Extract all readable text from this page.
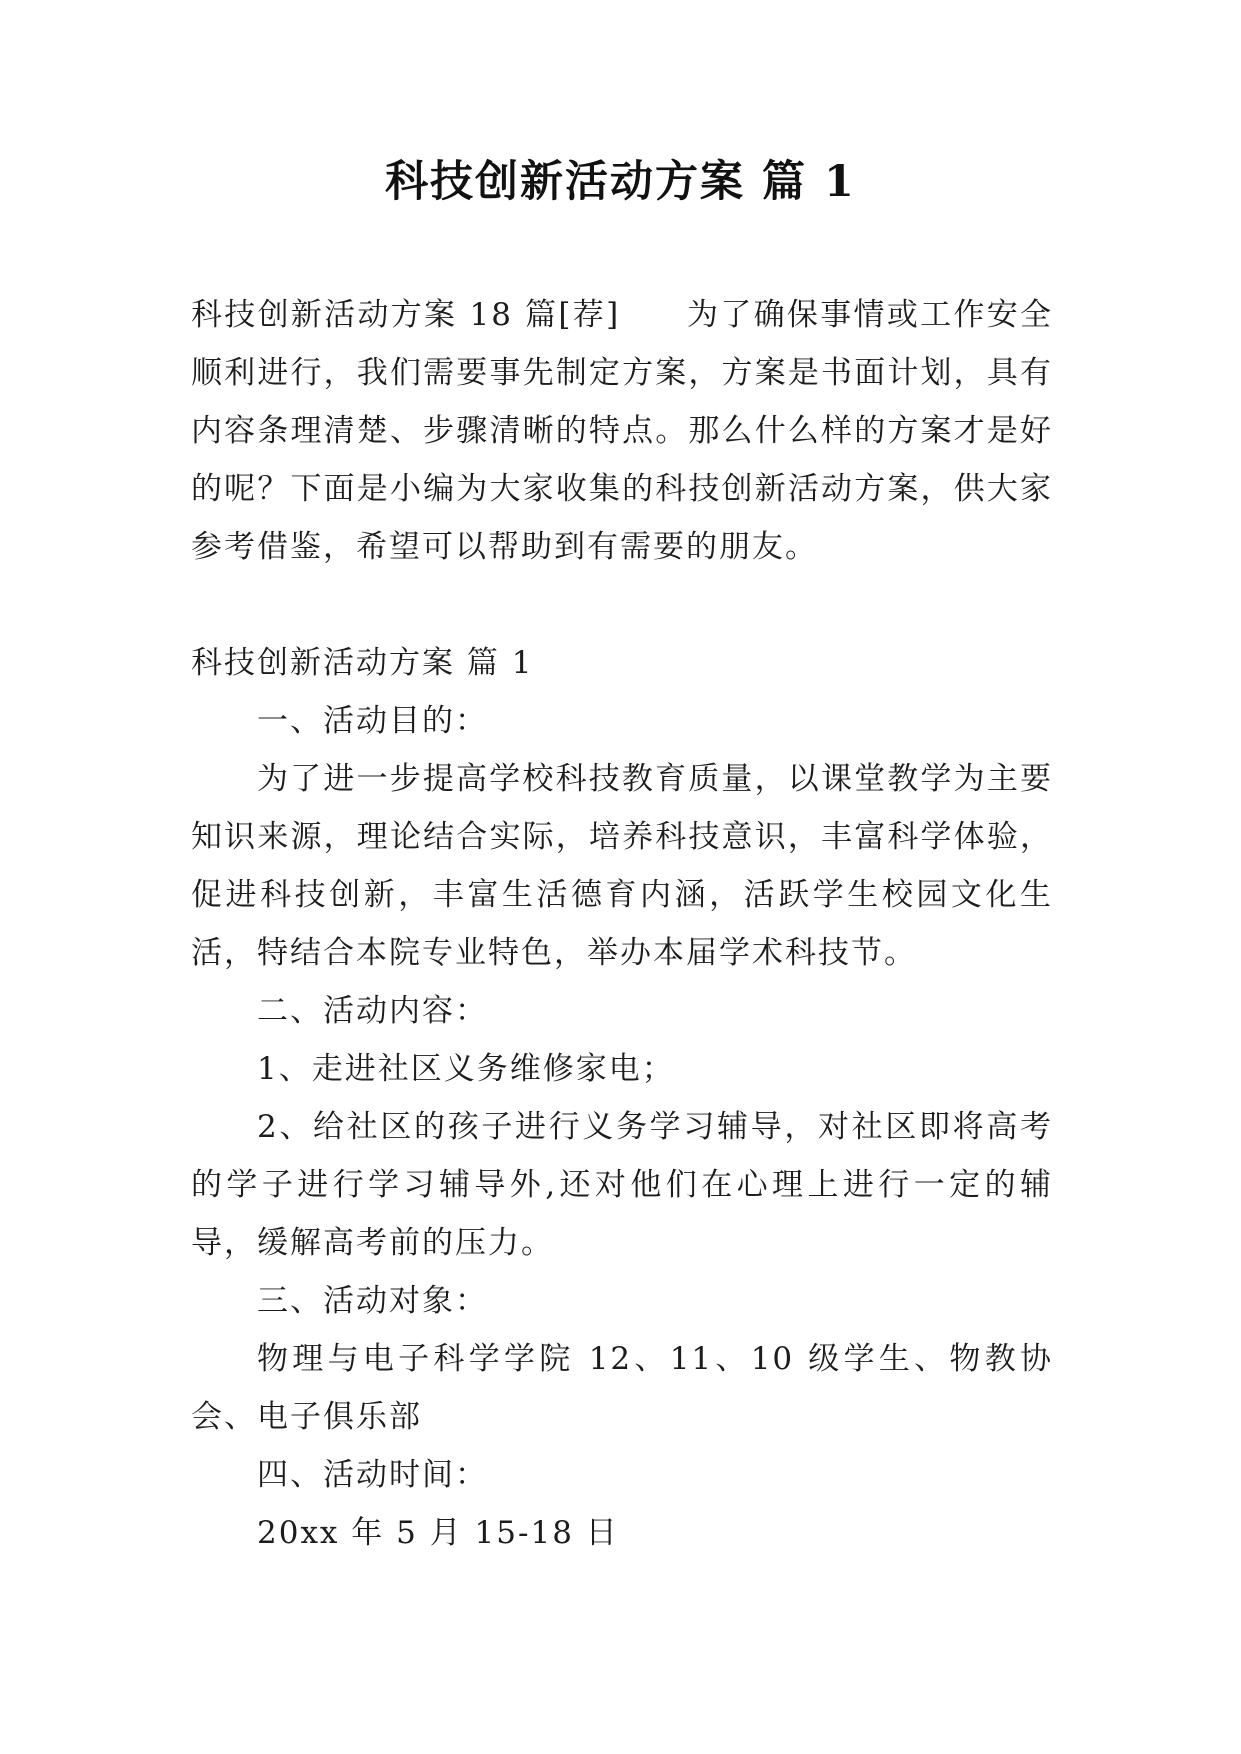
科技创新活动方案 篇 1

科技创新活动方案 18 篇[荐]　　为了确保事情或工作安全顺利进行，我们需要事先制定方案，方案是书面计划，具有内容条理清楚、步骤清晰的特点。那么什么样的方案才是好的呢？下面是小编为大家收集的科技创新活动方案，供大家参考借鉴，希望可以帮助到有需要的朋友。

科技创新活动方案 篇 1

一、活动目的：

为了进一步提高学校科技教育质量，以课堂教学为主要知识来源，理论结合实际，培养科技意识，丰富科学体验，促进科技创新，丰富生活德育内涵，活跃学生校园文化生活，特结合本院专业特色，举办本届学术科技节。

二、活动内容：

1、走进社区义务维修家电；

2、给社区的孩子进行义务学习辅导，对社区即将高考的学子进行学习辅导外,还对他们在心理上进行一定的辅导，缓解高考前的压力。

三、活动对象：

物理与电子科学学院 12、11、10 级学生、物教协会、电子俱乐部

四、活动时间：

20xx 年 5 月 15-18 日
